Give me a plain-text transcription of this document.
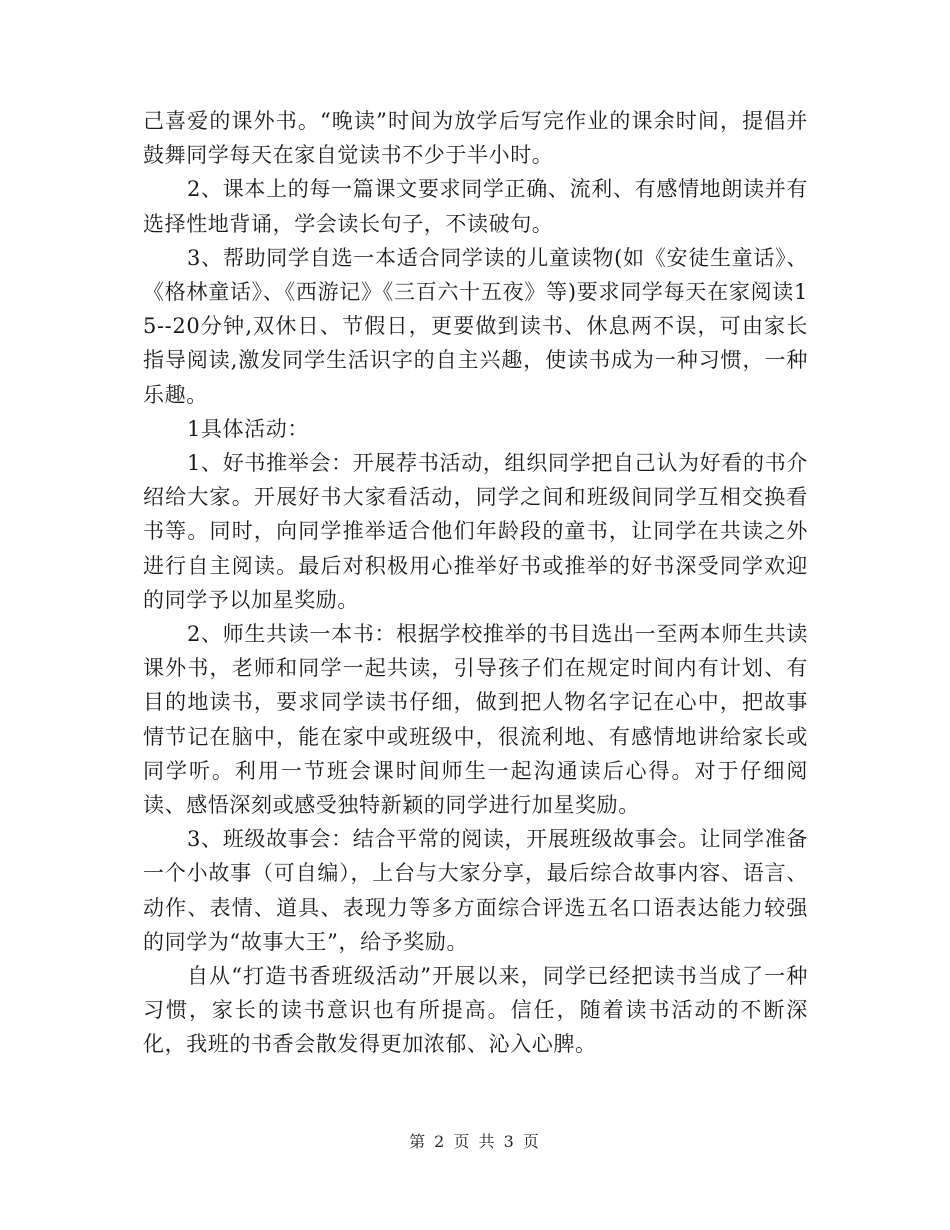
己喜爱的课外书。“晚读”时间为放学后写完作业的课余时间，提倡并鼓舞同学每天在家自觉读书不少于半小时。

2、课本上的每一篇课文要求同学正确、流利、有感情地朗读并有选择性地背诵，学会读长句子，不读破句。

3、帮助同学自选一本适合同学读的儿童读物(如《安徒生童话》、《格林童话》、《西游记》《三百六十五夜》等)要求同学每天在家阅读15--20分钟,双休日、节假日，更要做到读书、休息两不误，可由家长指导阅读,激发同学生活识字的自主兴趣，使读书成为一种习惯，一种乐趣。

1具体活动：

1、好书推举会：开展荐书活动，组织同学把自己认为好看的书介绍给大家。开展好书大家看活动，同学之间和班级间同学互相交换看书等。同时，向同学推举适合他们年龄段的童书，让同学在共读之外进行自主阅读。最后对积极用心推举好书或推举的好书深受同学欢迎的同学予以加星奖励。

2、师生共读一本书：根据学校推举的书目选出一至两本师生共读课外书，老师和同学一起共读，引导孩子们在规定时间内有计划、有目的地读书，要求同学读书仔细，做到把人物名字记在心中，把故事情节记在脑中，能在家中或班级中，很流利地、有感情地讲给家长或同学听。利用一节班会课时间师生一起沟通读后心得。对于仔细阅读、感悟深刻或感受独特新颖的同学进行加星奖励。

3、班级故事会：结合平常的阅读，开展班级故事会。让同学准备一个小故事（可自编），上台与大家分享，最后综合故事内容、语言、动作、表情、道具、表现力等多方面综合评选五名口语表达能力较强的同学为“故事大王”，给予奖励。

自从“打造书香班级活动”开展以来，同学已经把读书当成了一种习惯，家长的读书意识也有所提高。信任，随着读书活动的不断深化，我班的书香会散发得更加浓郁、沁入心脾。

第 2 页 共 3 页
